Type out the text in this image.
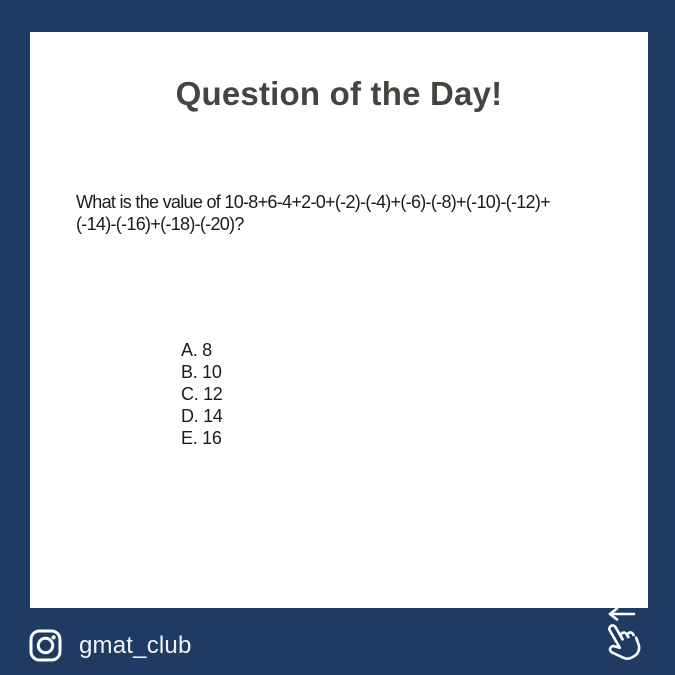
Question of the Day!
What is the value of 10-8+6-4+2-0+(-2)-(-4)+(-6)-(-8)+(-10)-(-12)+
(-14)-(-16)+(-18)-(-20)?
A. 8
B. 10
C. 12
D. 14
E. 16
gmat_club
